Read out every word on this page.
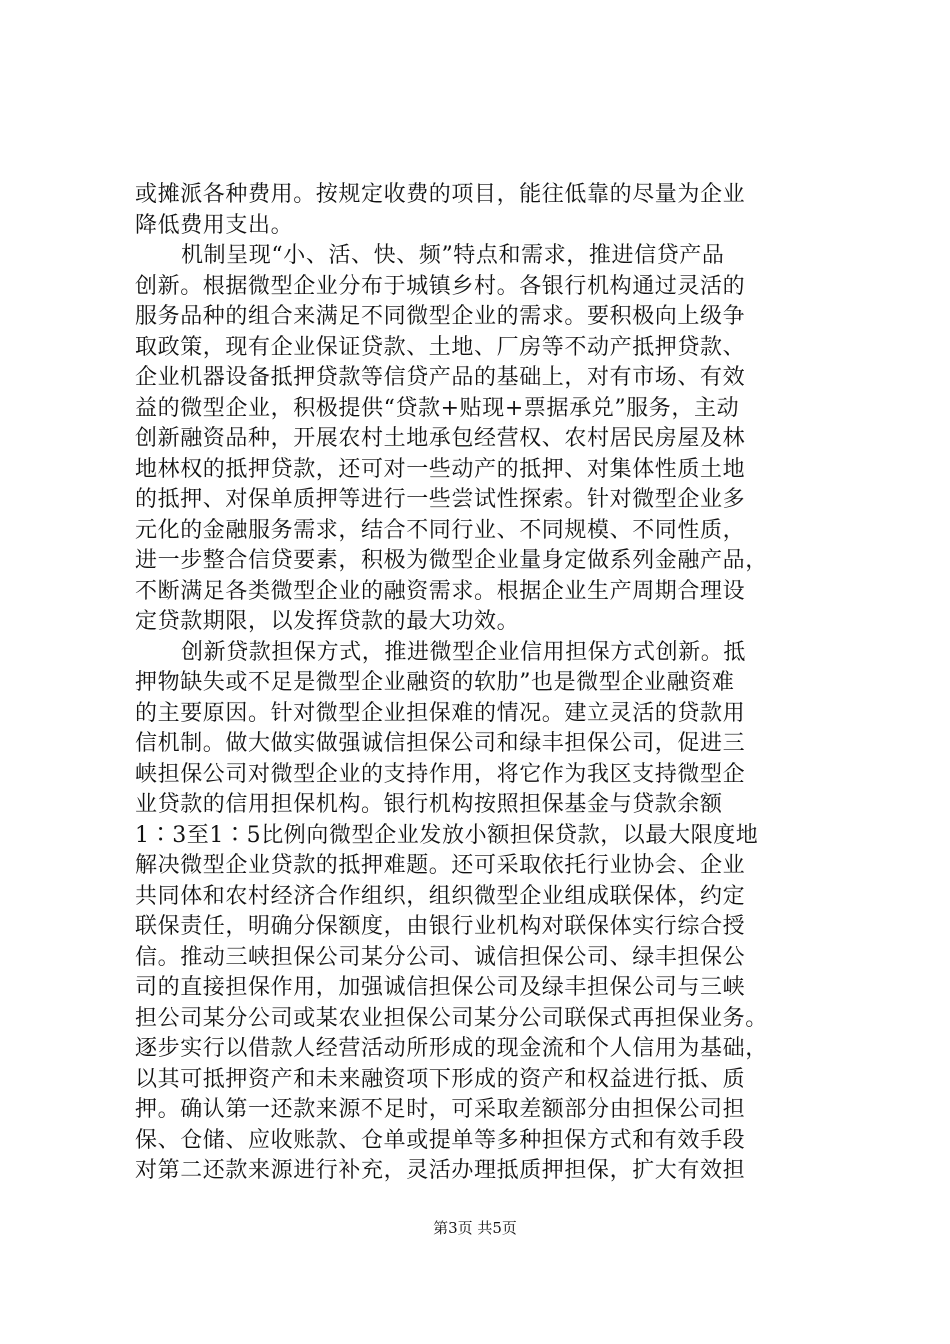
或摊派各种费用。按规定收费的项目，能往低靠的尽量为企业
降低费用支出。
机制呈现“小、活、快、频”特点和需求，推进信贷产品
创新。根据微型企业分布于城镇乡村。各银行机构通过灵活的
服务品种的组合来满足不同微型企业的需求。要积极向上级争
取政策，现有企业保证贷款、土地、厂房等不动产抵押贷款、
企业机器设备抵押贷款等信贷产品的基础上，对有市场、有效
益的微型企业，积极提供“贷款+贴现+票据承兑”服务，主动
创新融资品种，开展农村土地承包经营权、农村居民房屋及林
地林权的抵押贷款，还可对一些动产的抵押、对集体性质土地
的抵押、对保单质押等进行一些尝试性探索。针对微型企业多
元化的金融服务需求，结合不同行业、不同规模、不同性质，
进一步整合信贷要素，积极为微型企业量身定做系列金融产品，
不断满足各类微型企业的融资需求。根据企业生产周期合理设
定贷款期限，以发挥贷款的最大功效。
创新贷款担保方式，推进微型企业信用担保方式创新。抵
押物缺失或不足是微型企业融资的软肋”也是微型企业融资难
的主要原因。针对微型企业担保难的情况。建立灵活的贷款用
信机制。做大做实做强诚信担保公司和绿丰担保公司，促进三
峡担保公司对微型企业的支持作用，将它作为我区支持微型企
业贷款的信用担保机构。银行机构按照担保基金与贷款余额
1∶3至1∶5比例向微型企业发放小额担保贷款，以最大限度地
解决微型企业贷款的抵押难题。还可采取依托行业协会、企业
共同体和农村经济合作组织，组织微型企业组成联保体，约定
联保责任，明确分保额度，由银行业机构对联保体实行综合授
信。推动三峡担保公司某分公司、诚信担保公司、绿丰担保公
司的直接担保作用，加强诚信担保公司及绿丰担保公司与三峡
担公司某分公司或某农业担保公司某分公司联保式再担保业务。
逐步实行以借款人经营活动所形成的现金流和个人信用为基础，
以其可抵押资产和未来融资项下形成的资产和权益进行抵、质
押。确认第一还款来源不足时，可采取差额部分由担保公司担
保、仓储、应收账款、仓单或提单等多种担保方式和有效手段
对第二还款来源进行补充，灵活办理抵质押担保，扩大有效担
第3页 共5页
